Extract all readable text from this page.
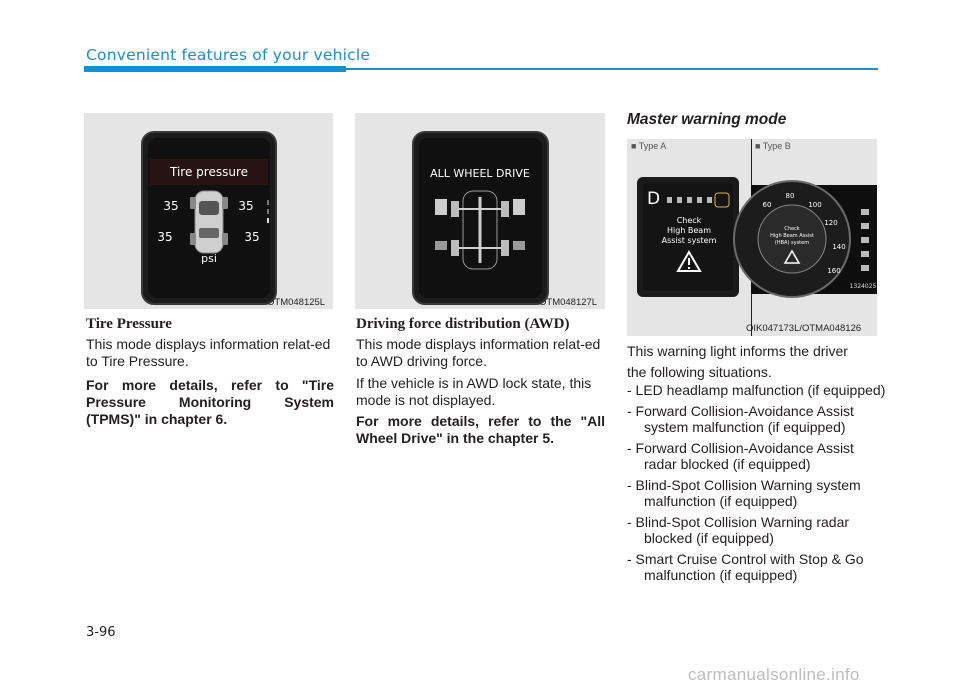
Convenient features of your vehicle
Tire pressure
35	35
35	35
psi
OTM048125L
Tire Pressure

This mode displays information relat-ed to Tire Pressure.

For more details, refer to "Tire Pressure Monitoring System (TPMS)" in chapter 6.

ALL WHEEL DRIVE
OTM048127L
Driving force distribution (AWD)

This mode displays information relat-ed to AWD driving force.

If the vehicle is in AWD lock state, this mode is not displayed.

For more details, refer to the "All Wheel Drive" in the chapter 5.

Master warning mode
■ Type A	■ Type B
D
Check
High Beam
Assist system
60
80
100
120
140
160
Check
High Beam Assist
(HBA) system
1324025
OIK047173L/OTMA048126

This warning light informs the driver

the following situations.

- LED headlamp malfunction (if equipped)
- Forward Collision-Avoidance Assist system malfunction (if equipped)
- Forward Collision-Avoidance Assist radar blocked (if equipped)
- Blind-Spot Collision Warning system malfunction (if equipped)
- Blind-Spot Collision Warning radar blocked (if equipped)
- Smart Cruise Control with Stop & Go malfunction (if equipped)
3-96
carmanualsonline.info
